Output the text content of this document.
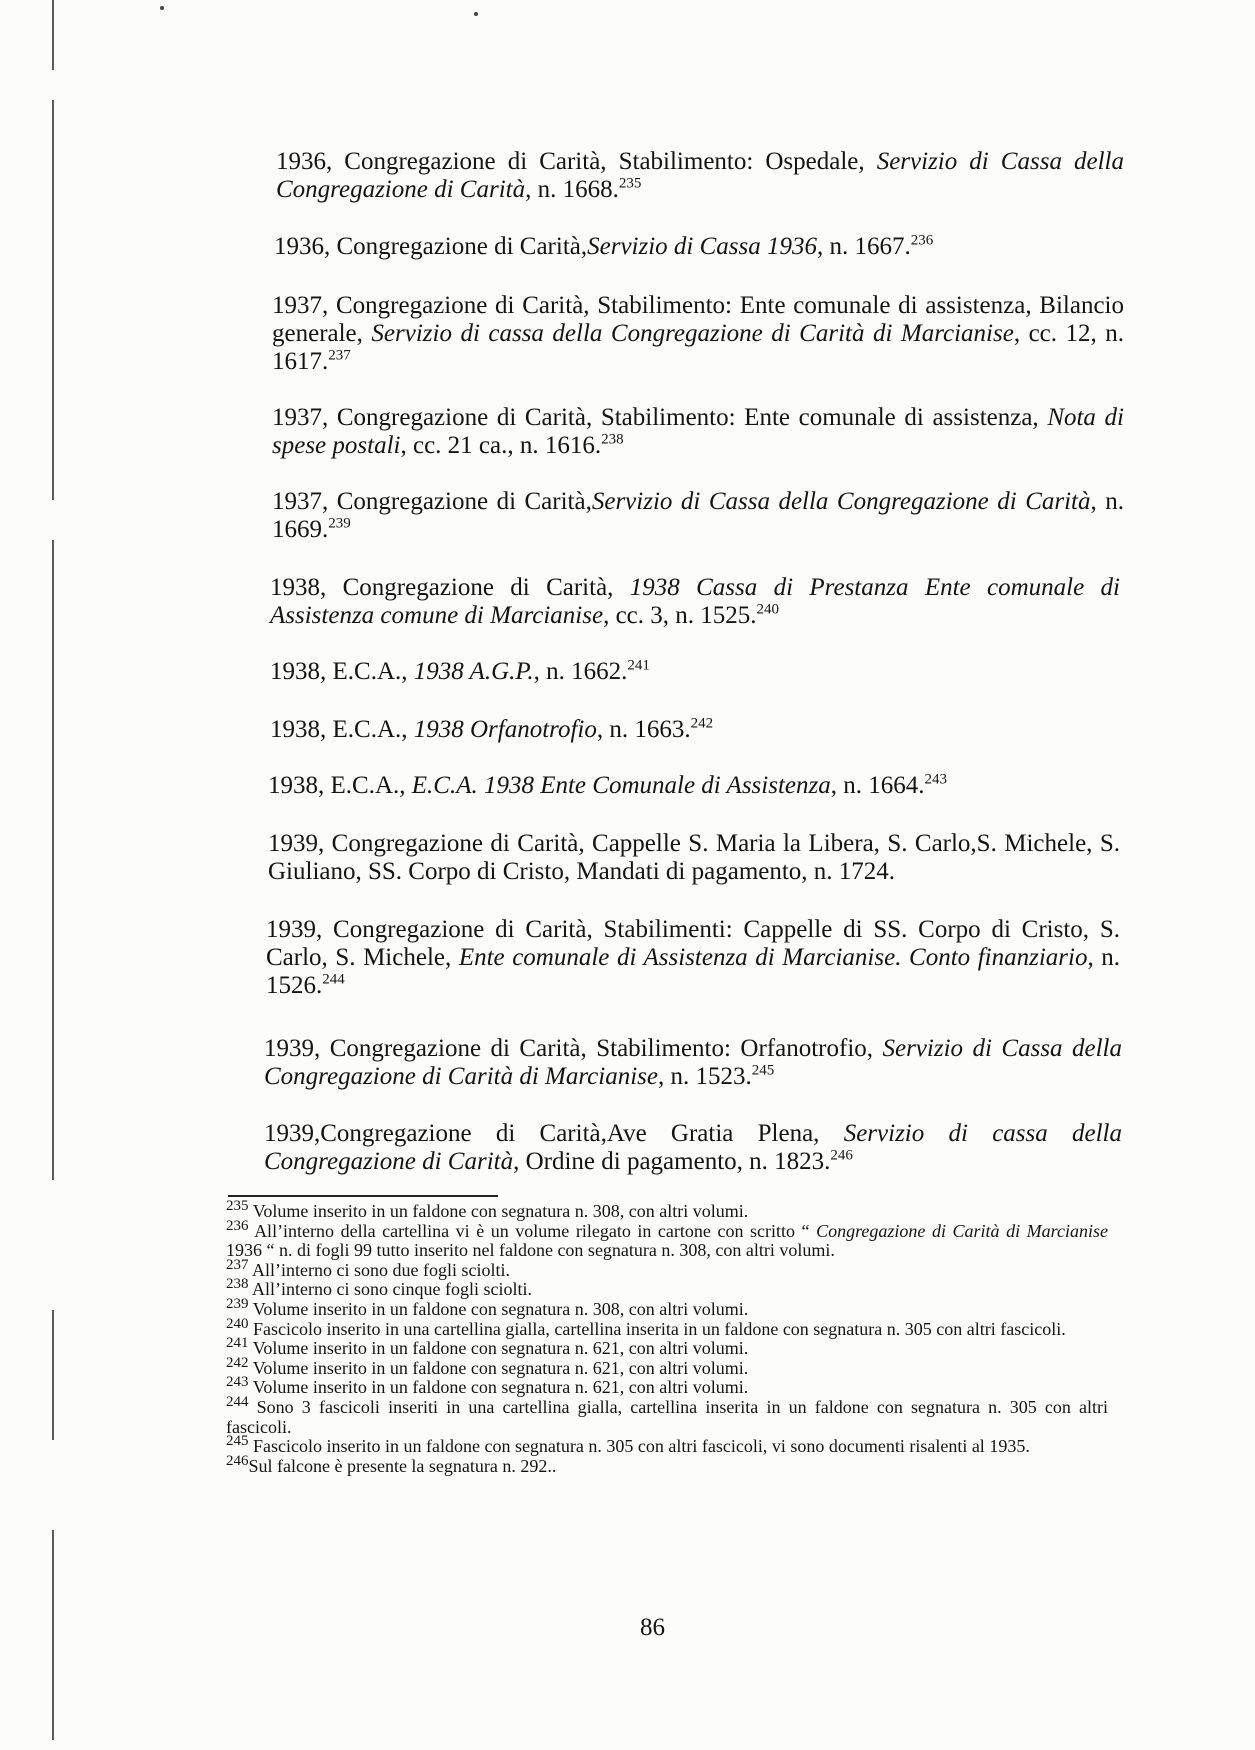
1936, Congregazione di Carità, Stabilimento: Ospedale, Servizio di Cassa della Congregazione di Carità, n. 1668.$^{235}$

1936, Congregazione di Carità,Servizio di Cassa 1936, n. 1667.$^{236}$

1937, Congregazione di Carità, Stabilimento: Ente comunale di assistenza, Bilancio generale, Servizio di cassa della Congregazione di Carità di Marcianise, cc. 12, n. 1617.$^{237}$

1937, Congregazione di Carità, Stabilimento: Ente comunale di assistenza, Nota di spese postali, cc. 21 ca., n. 1616.$^{238}$

1937, Congregazione di Carità,Servizio di Cassa della Congregazione di Carità, n. 1669.$^{239}$

1938, Congregazione di Carità, 1938 Cassa di Prestanza Ente comunale di Assistenza comune di Marcianise, cc. 3, n. 1525.$^{240}$

1938, E.C.A., 1938 A.G.P., n. 1662.$^{241}$

1938, E.C.A., 1938 Orfanotrofio, n. 1663.$^{242}$

1938, E.C.A., E.C.A. 1938 Ente Comunale di Assistenza, n. 1664.$^{243}$

1939, Congregazione di Carità, Cappelle S. Maria la Libera, S. Carlo,S. Michele, S. Giuliano, SS. Corpo di Cristo, Mandati di pagamento, n. 1724.

1939, Congregazione di Carità, Stabilimenti: Cappelle di SS. Corpo di Cristo, S. Carlo, S. Michele, Ente comunale di Assistenza di Marcianise. Conto finanziario, n. 1526.$^{244}$

1939, Congregazione di Carità, Stabilimento: Orfanotrofio, Servizio di Cassa della Congregazione di Carità di Marcianise, n. 1523.$^{245}$

1939,Congregazione di Carità,Ave Gratia Plena, Servizio di cassa della Congregazione di Carità, Ordine di pagamento, n. 1823.$^{246}$

$^{235}$ Volume inserito in un faldone con segnatura n. 308, con altri volumi.

$^{236}$ All’interno della cartellina vi è un volume rilegato in cartone con scritto “ Congregazione di Carità di Marcianise 1936 “ n. di fogli 99 tutto inserito nel faldone con segnatura n. 308, con altri volumi.

$^{237}$ All’interno ci sono due fogli sciolti.

$^{238}$ All’interno ci sono cinque fogli sciolti.

$^{239}$ Volume inserito in un faldone con segnatura n. 308, con altri volumi.

$^{240}$ Fascicolo inserito in una cartellina gialla, cartellina inserita in un faldone con segnatura n. 305 con altri fascicoli.

$^{241}$ Volume inserito in un faldone con segnatura n. 621, con altri volumi.

$^{242}$ Volume inserito in un faldone con segnatura n. 621, con altri volumi.

$^{243}$ Volume inserito in un faldone con segnatura n. 621, con altri volumi.

$^{244}$ Sono 3 fascicoli inseriti in una cartellina gialla, cartellina inserita in un faldone con segnatura n. 305 con altri fascicoli.

$^{245}$ Fascicolo inserito in un faldone con segnatura n. 305 con altri fascicoli, vi sono documenti risalenti al 1935.

$^{246}$Sul falcone è presente la segnatura n. 292..

86
